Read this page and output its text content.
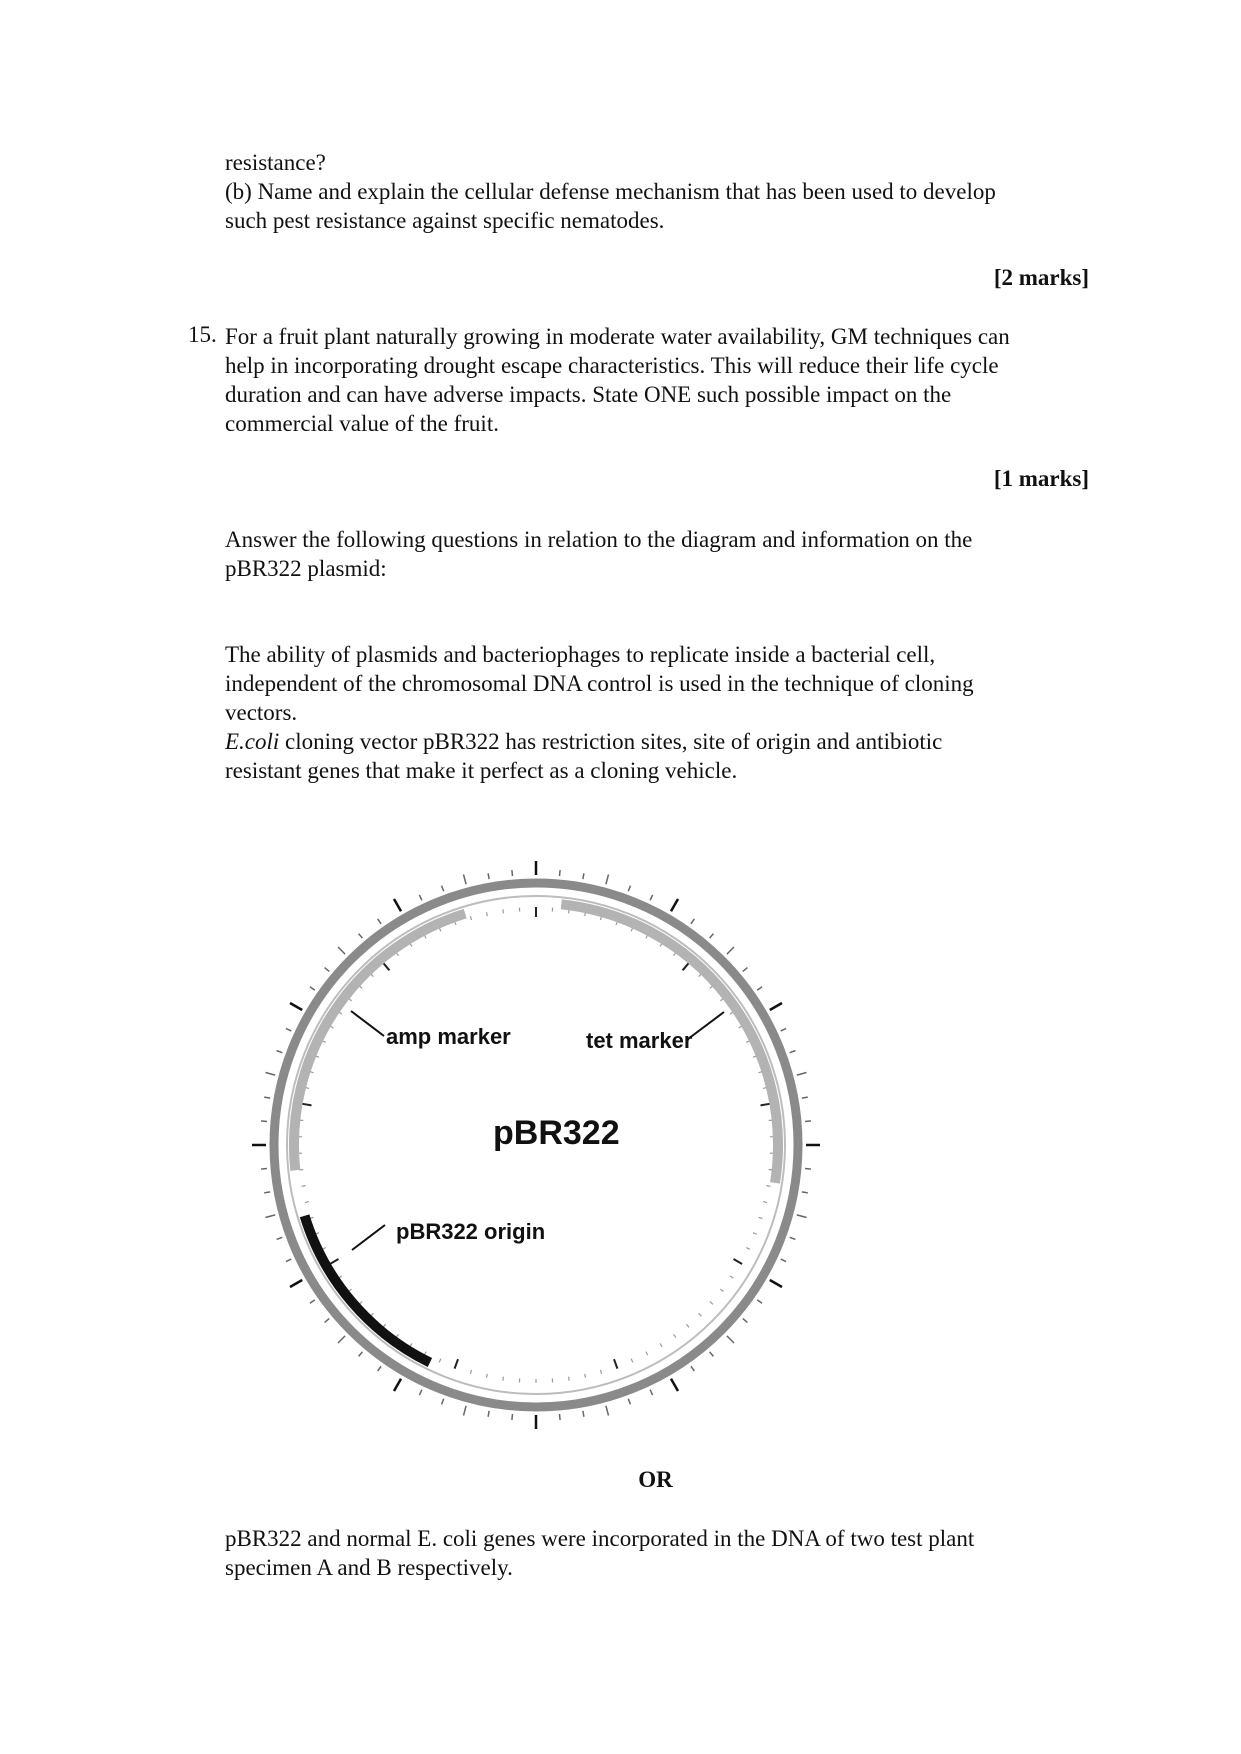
resistance?

(b) Name and explain the cellular defense mechanism that has been used to develop

such pest resistance against specific nematodes.

[2 marks]
15. For a fruit plant naturally growing in moderate water availability, GM techniques can

help in incorporating drought escape characteristics. This will reduce their life cycle

duration and can have adverse impacts. State ONE such possible impact on the

commercial value of the fruit.

[1 marks]

Answer the following questions in relation to the diagram and information on the

pBR322 plasmid:

The ability of plasmids and bacteriophages to replicate inside a bacterial cell,

independent of the chromosomal DNA control is used in the technique of cloning

vectors.

E.coli cloning vector pBR322 has restriction sites, site of origin and antibiotic

resistant genes that make it perfect as a cloning vehicle.

amp marker	tet marker
pBR322
pBR322 origin
OR

pBR322 and normal E. coli genes were incorporated in the DNA of two test plant

specimen A and B respectively.
